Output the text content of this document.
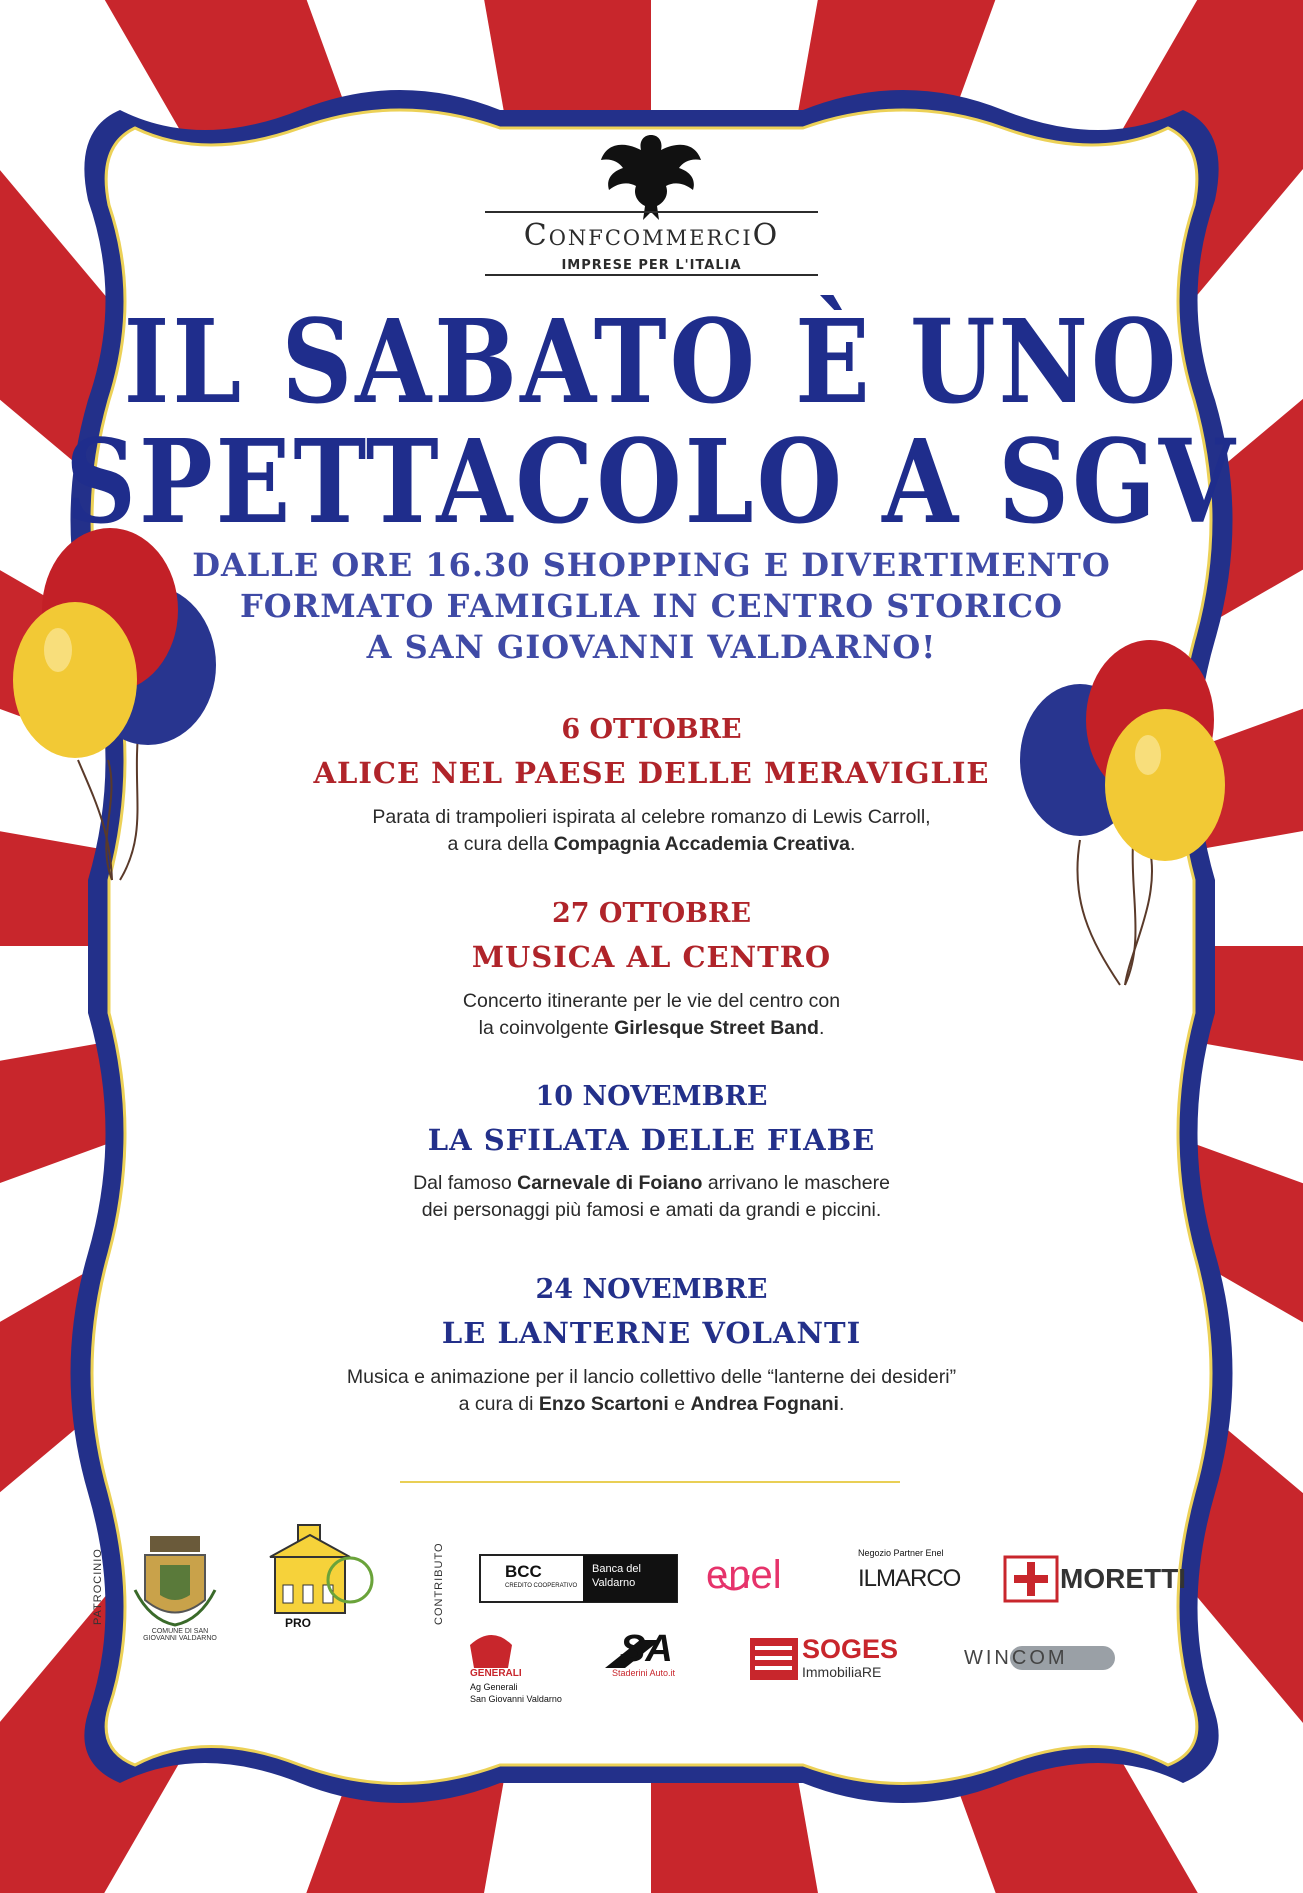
ConfcommerciO
IMPRESE PER L'ITALIA
IL SABATO È UNO
SPETTACOLO A SGV
DALLE ORE 16.30 SHOPPING E DIVERTIMENTO
FORMATO FAMIGLIA IN CENTRO STORICO
A SAN GIOVANNI VALDARNO!
6 OTTOBRE
ALICE NEL PAESE DELLE MERAVIGLIE
Parata di trampolieri ispirata al celebre romanzo di Lewis Carroll,
a cura della Compagnia Accademia Creativa.
27 OTTOBRE
MUSICA AL CENTRO
Concerto itinerante per le vie del centro con
la coinvolgente Girlesque Street Band.
10 NOVEMBRE
LA SFILATA DELLE FIABE
Dal famoso Carnevale di Foiano arrivano le maschere
dei personaggi più famosi e amati da grandi e piccini.
24 NOVEMBRE
LE LANTERNE VOLANTI
Musica e animazione per il lancio collettivo delle “lanterne dei desideri”
a cura di Enzo Scartoni e Andrea Fognani.
PATROCINIO	CONTRIBUTO
COMUNE DI SAN GIOVANNI VALDARNO
PRO
BCC
CREDITO COOPERATIVO
Banca del Valdarno	enel	Negozio Partner Enel
ILMARCO	MORETTI
GENERALI
Ag Generali
San Giovanni Valdarno
SA
Staderini Auto.it
SOGES
ImmobiliaRE
WINCOM
